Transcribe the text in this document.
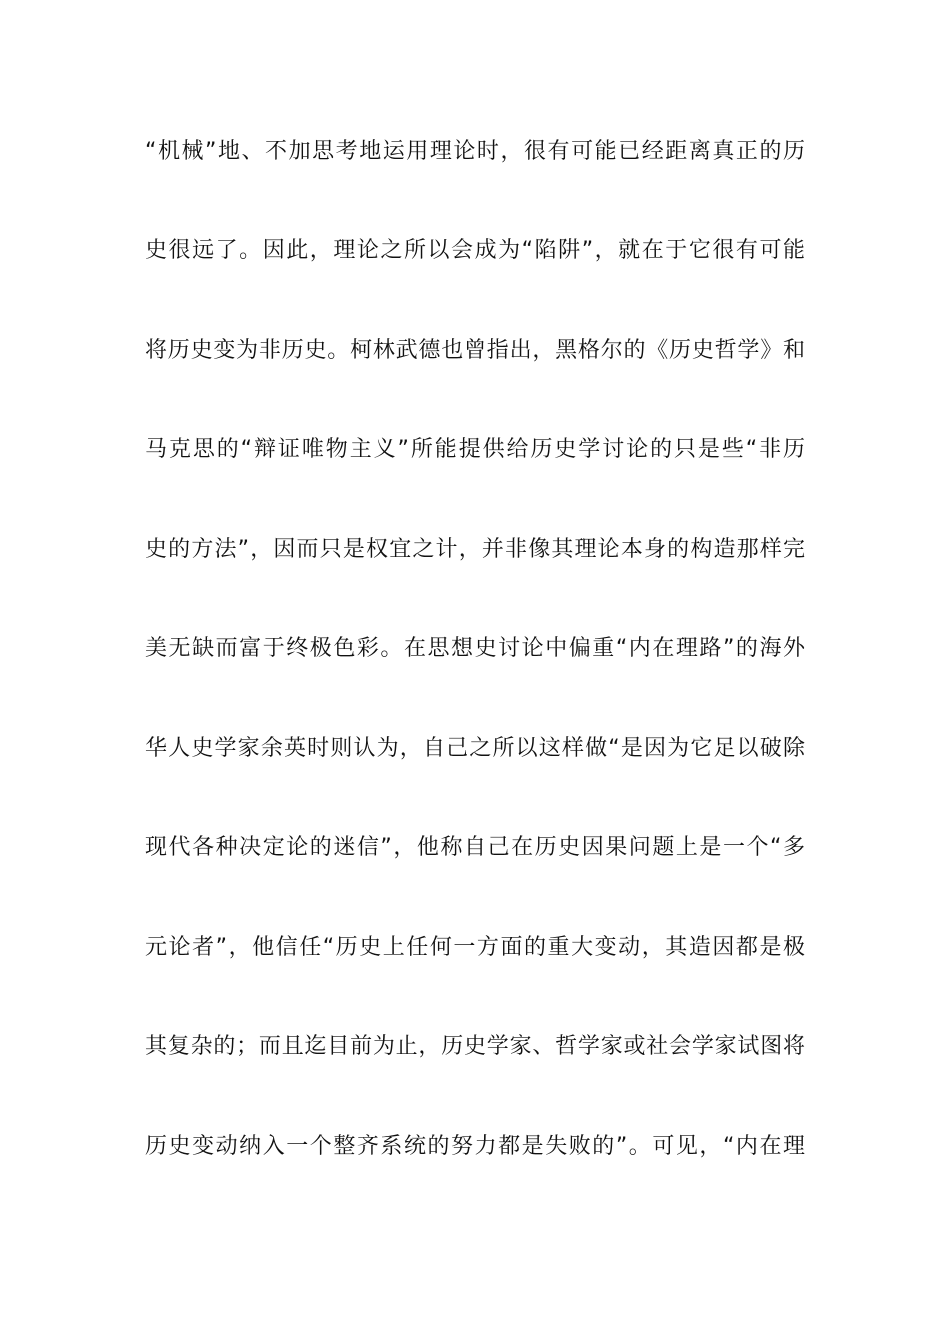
“机械”地、不加思考地运用理论时，很有可能已经距离真正的历
史很远了。因此，理论之所以会成为“陷阱”，就在于它很有可能
将历史变为非历史。柯林武德也曾指出，黑格尔的《历史哲学》和
马克思的“辩证唯物主义”所能提供给历史学讨论的只是些“非历
史的方法”，因而只是权宜之计，并非像其理论本身的构造那样完
美无缺而富于终极色彩。在思想史讨论中偏重“内在理路”的海外
华人史学家余英时则认为，自己之所以这样做“是因为它足以破除
现代各种决定论的迷信”，他称自己在历史因果问题上是一个“多
元论者”，他信任“历史上任何一方面的重大变动，其造因都是极
其复杂的；而且迄目前为止，历史学家、哲学家或社会学家试图将
历史变动纳入一个整齐系统的努力都是失败的”。可见，“内在理
